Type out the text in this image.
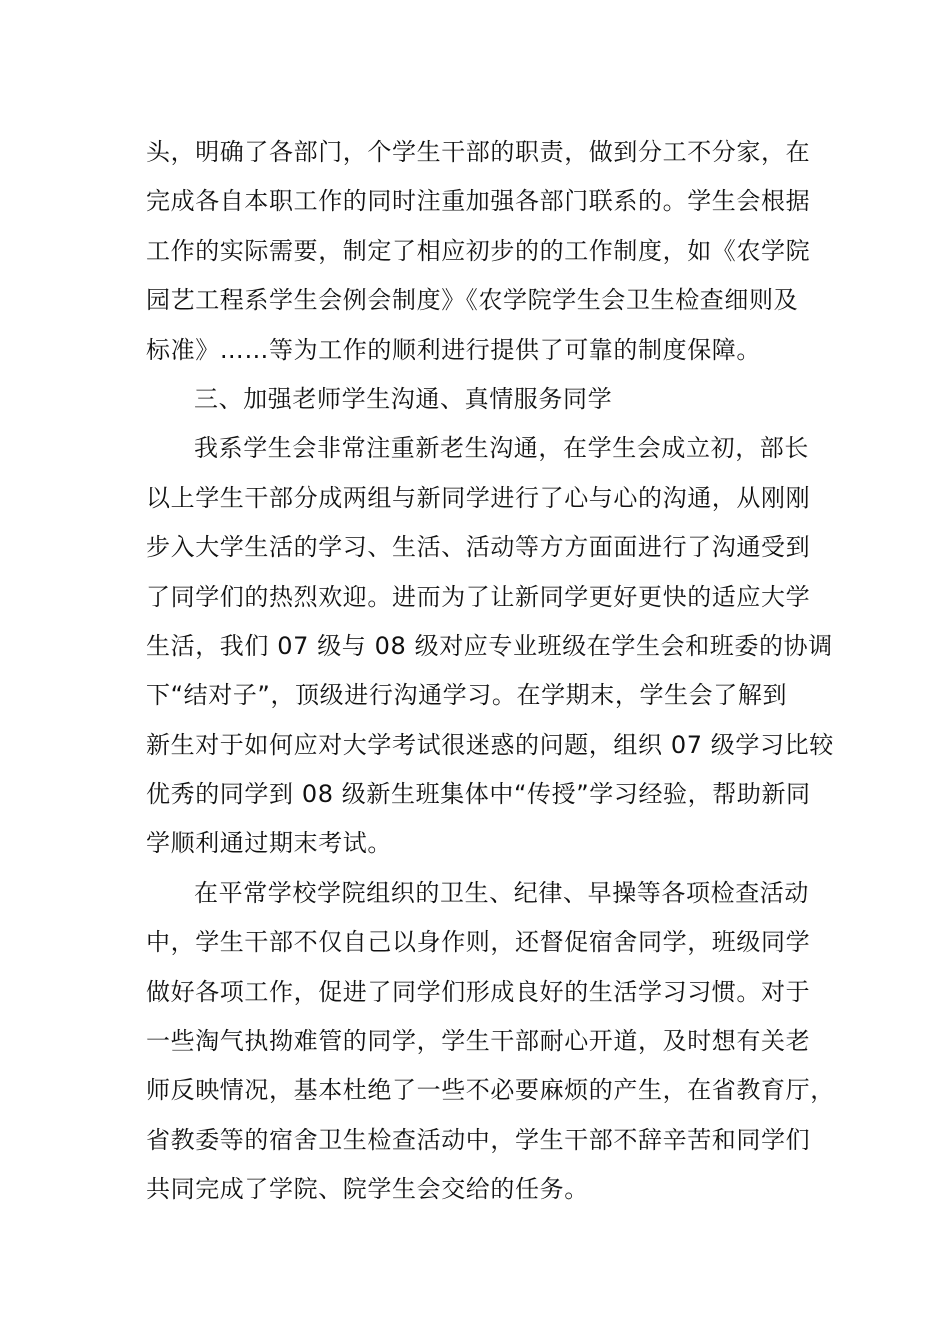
头，明确了各部门，个学生干部的职责，做到分工不分家，在
完成各自本职工作的同时注重加强各部门联系的。学生会根据
工作的实际需要，制定了相应初步的的工作制度，如《农学院
园艺工程系学生会例会制度》《农学院学生会卫生检查细则及
标准》……等为工作的顺利进行提供了可靠的制度保障。
三、加强老师学生沟通、真情服务同学
我系学生会非常注重新老生沟通，在学生会成立初，部长
以上学生干部分成两组与新同学进行了心与心的沟通，从刚刚
步入大学生活的学习、生活、活动等方方面面进行了沟通受到
了同学们的热烈欢迎。进而为了让新同学更好更快的适应大学
生活，我们 07 级与 08 级对应专业班级在学生会和班委的协调
下“结对子”，顶级进行沟通学习。在学期末，学生会了解到
新生对于如何应对大学考试很迷惑的问题，组织 07 级学习比较
优秀的同学到 08 级新生班集体中“传授”学习经验，帮助新同
学顺利通过期末考试。
在平常学校学院组织的卫生、纪律、早操等各项检查活动
中，学生干部不仅自己以身作则，还督促宿舍同学，班级同学
做好各项工作，促进了同学们形成良好的生活学习习惯。对于
一些淘气执拗难管的同学，学生干部耐心开道，及时想有关老
师反映情况，基本杜绝了一些不必要麻烦的产生，在省教育厅，
省教委等的宿舍卫生检查活动中，学生干部不辞辛苦和同学们
共同完成了学院、院学生会交给的任务。
